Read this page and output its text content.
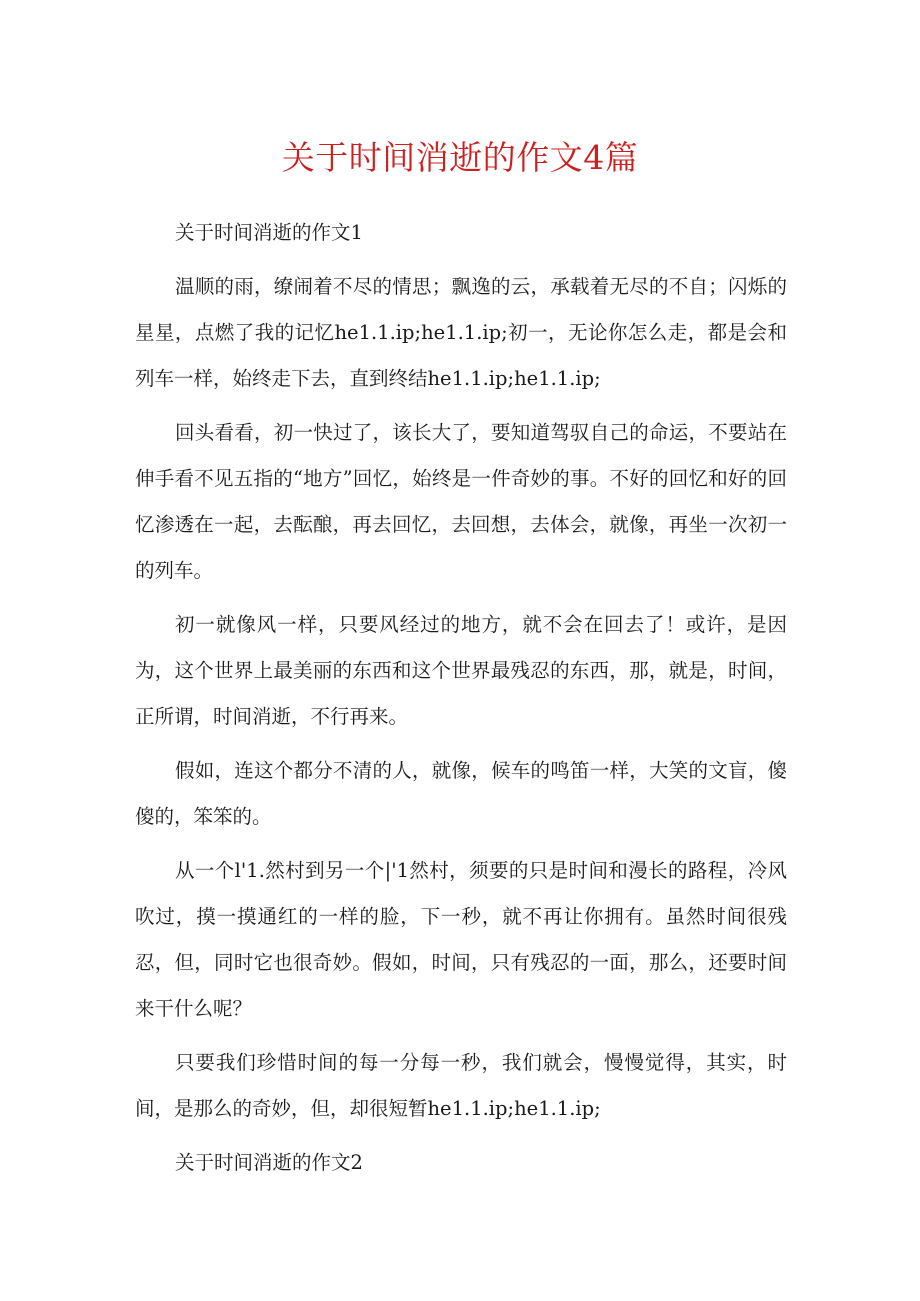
关于时间消逝的作文4篇

关于时间消逝的作文1

温顺的雨，缭闹着不尽的情思；飘逸的云，承载着无尽的不自；闪烁的星星，点燃了我的记忆he1.1.ip;he1.1.ip;初一，无论你怎么走，都是会和列车一样，始终走下去，直到终结he1.1.ip;he1.1.ip;

回头看看，初一快过了，该长大了，要知道驾驭自己的命运，不要站在伸手看不见五指的“地方”回忆，始终是一件奇妙的事。不好的回忆和好的回忆渗透在一起，去酝酿，再去回忆，去回想，去体会，就像，再坐一次初一的列车。

初一就像风一样，只要风经过的地方，就不会在回去了！或许，是因为，这个世界上最美丽的东西和这个世界最残忍的东西，那，就是，时间，正所谓，时间消逝，不行再来。

假如，连这个都分不清的人，就像，候车的鸣笛一样，大笑的文盲，傻傻的，笨笨的。

从一个l'1.然村到另一个|'1然村，须要的只是时间和漫长的路程，冷风吹过，摸一摸通红的一样的脸，下一秒，就不再让你拥有。虽然时间很残忍，但，同时它也很奇妙。假如，时间，只有残忍的一面，那么，还要时间来干什么呢？

只要我们珍惜时间的每一分每一秒，我们就会，慢慢觉得，其实，时间，是那么的奇妙，但，却很短暂he1.1.ip;he1.1.ip;

关于时间消逝的作文2
